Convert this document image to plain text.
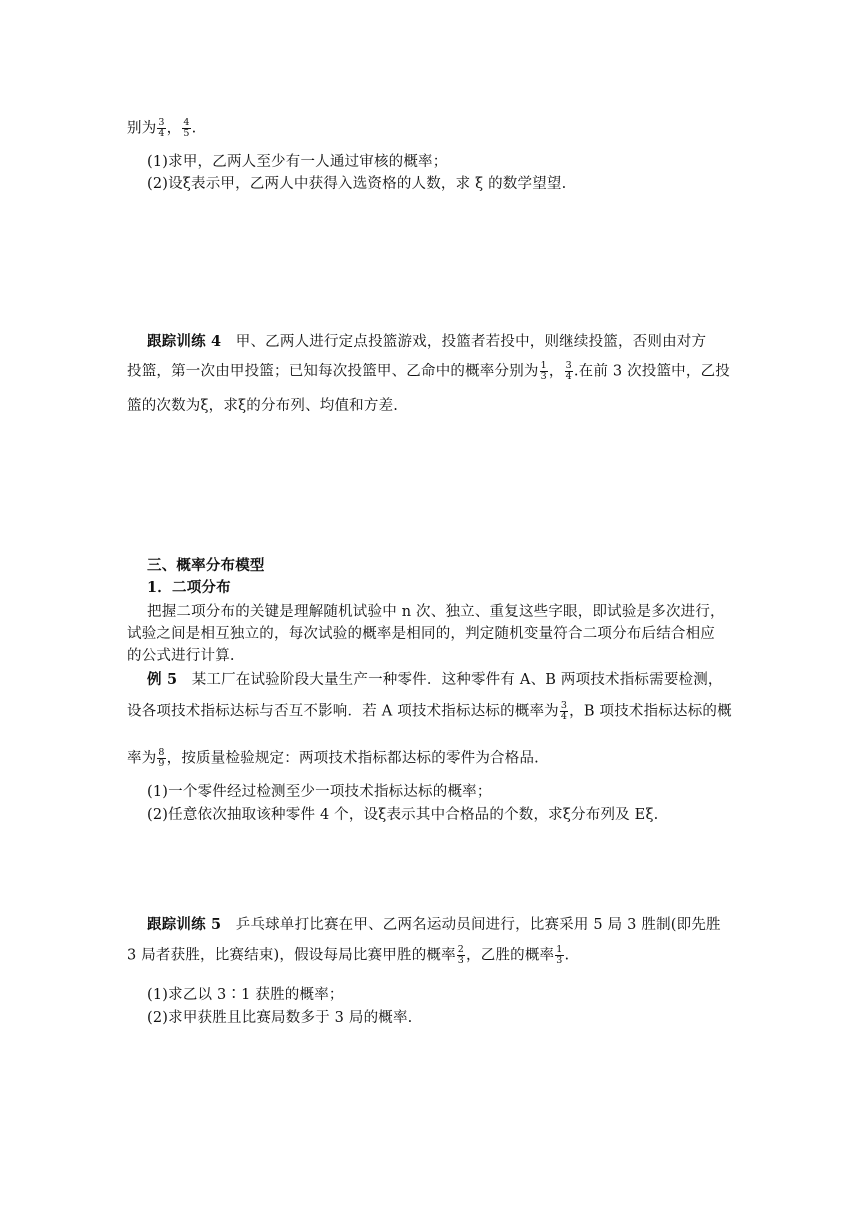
别为 $\frac{3}{4}$ ， $\frac{4}{5}$ .
(1)求甲，乙两人至少有一人通过审核的概率；
(2)设ξ表示甲，乙两人中获得入选资格的人数，求 ξ 的数学望望.
跟踪训练 4 甲、乙两人进行定点投篮游戏，投篮者若投中，则继续投篮，否则由对方
投篮，第一次由甲投篮；已知每次投篮甲、乙命中的概率分别为 $\frac{1}{3}$ ， $\frac{3}{4}$ .在前 3 次投篮中，乙投
篮的次数为ξ，求ξ的分布列、均值和方差.
三、概率分布模型
1．二项分布
把握二项分布的关键是理解随机试验中 n 次、独立、重复这些字眼，即试验是多次进行，
试验之间是相互独立的，每次试验的概率是相同的，判定随机变量符合二项分布后结合相应
的公式进行计算.
例 5 某工厂在试验阶段大量生产一种零件．这种零件有 A、B 两项技术指标需要检测，
设各项技术指标达标与否互不影响．若 A 项技术指标达标的概率为 $\frac{3}{4}$ ，B 项技术指标达标的概
率为 $\frac{8}{9}$ ，按质量检验规定：两项技术指标都达标的零件为合格品.
(1)一个零件经过检测至少一项技术指标达标的概率；
(2)任意依次抽取该种零件 4 个，设ξ表示其中合格品的个数，求ξ分布列及 Eξ.
跟踪训练 5 乒乓球单打比赛在甲、乙两名运动员间进行，比赛采用 5 局 3 胜制(即先胜
3 局者获胜，比赛结束)，假设每局比赛甲胜的概率 $\frac{2}{3}$ ，乙胜的概率 $\frac{1}{3}$ .
(1)求乙以 3∶1 获胜的概率；
(2)求甲获胜且比赛局数多于 3 局的概率.
